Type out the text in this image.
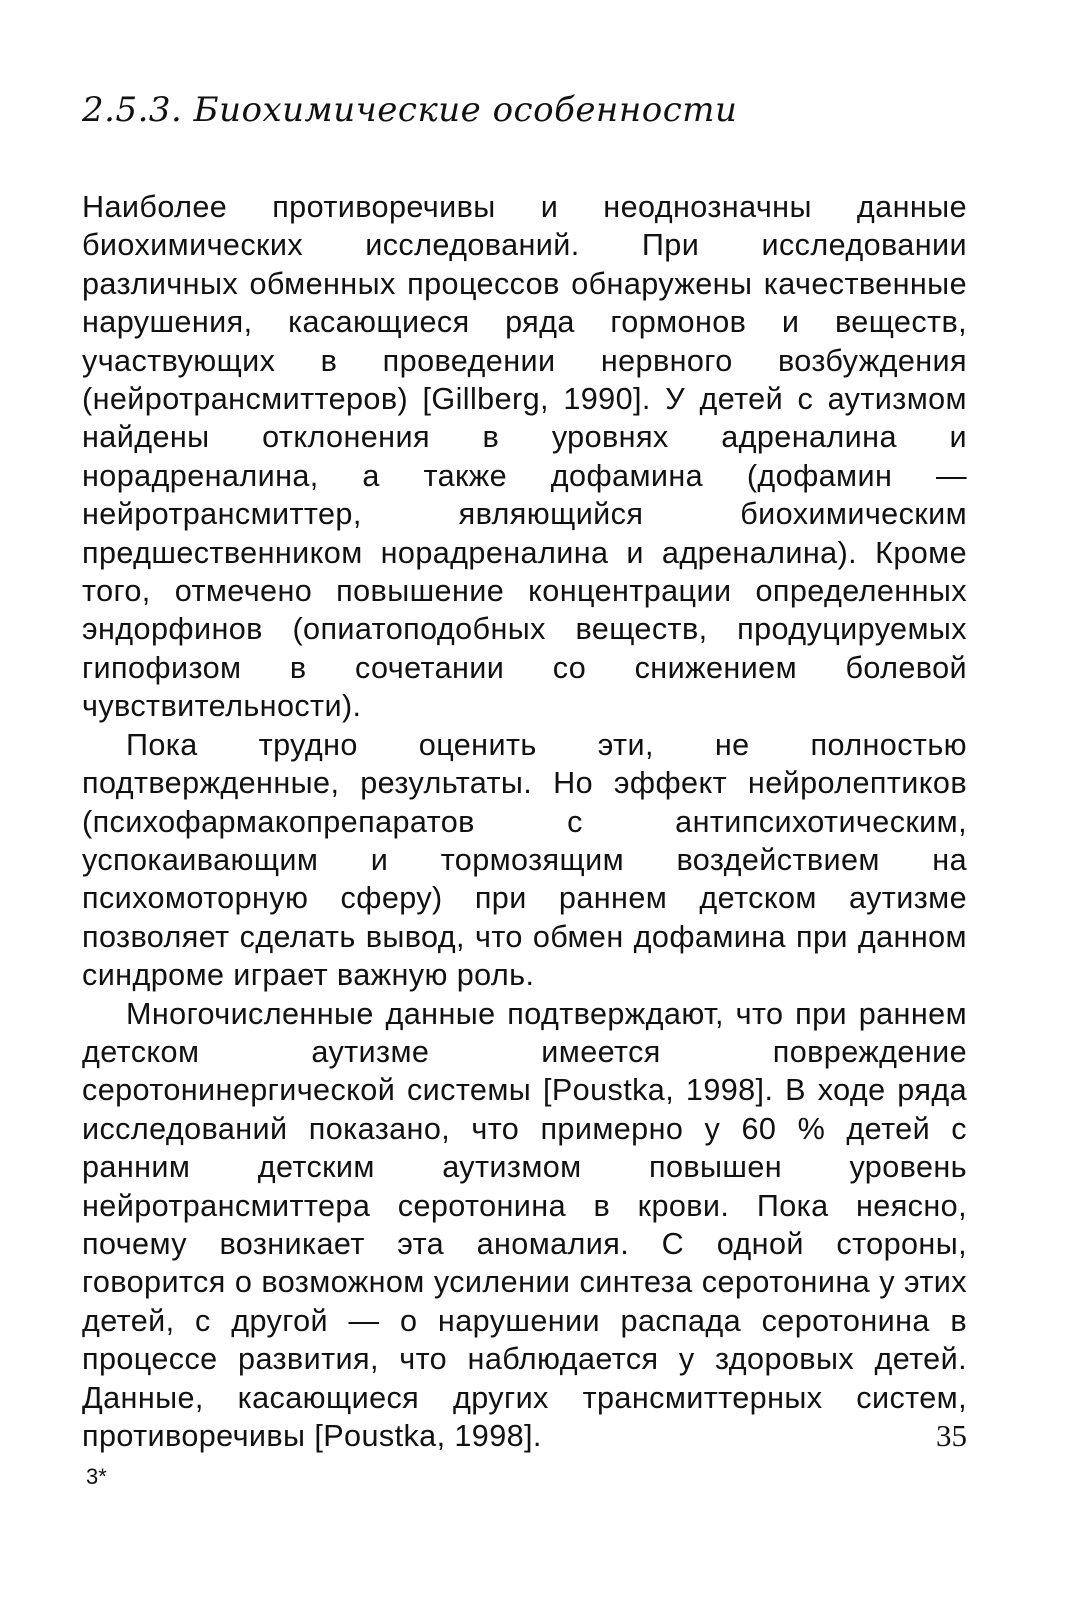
2.5.3. Биохимические особенности

Наиболее противоречивы и неоднозначны данные биохимических исследований. При исследовании различных обменных процессов обнаружены качественные нарушения, касающиеся ряда гормонов и веществ, участвующих в проведении нервного возбуждения (нейротрансмиттеров) [Gillberg, 1990]. У детей с аутизмом найдены отклонения в уровнях адреналина и норадреналина, а также дофамина (дофамин — нейротрансмиттер, являющийся биохимическим предшественником норадреналина и адреналина). Кроме того, отмечено повышение концентрации определенных эндорфинов (опиатоподобных веществ, продуцируемых гипофизом в сочетании со снижением болевой чувствительности).

Пока трудно оценить эти, не полностью подтвержденные, результаты. Но эффект нейролептиков (психофармакопрепаратов с антипсихотическим, успокаивающим и тормозящим воздействием на психомоторную сферу) при раннем детском аутизме позволяет сделать вывод, что обмен дофамина при данном синдроме играет важную роль.

Многочисленные данные подтверждают, что при раннем детском аутизме имеется повреждение серотонинергической системы [Poustka, 1998]. В ходе ряда исследований показано, что примерно у 60 % детей с ранним детским аутизмом повышен уровень нейротрансмиттера серотонина в крови. Пока неясно, почему возникает эта аномалия. С одной стороны, говорится о возможном усилении синтеза серотонина у этих детей, с другой — о нарушении распада серотонина в процессе развития, что наблюдается у здоровых детей. Данные, касающиеся других трансмиттерных систем, противоречивы [Poustka, 1998].	35

3*
